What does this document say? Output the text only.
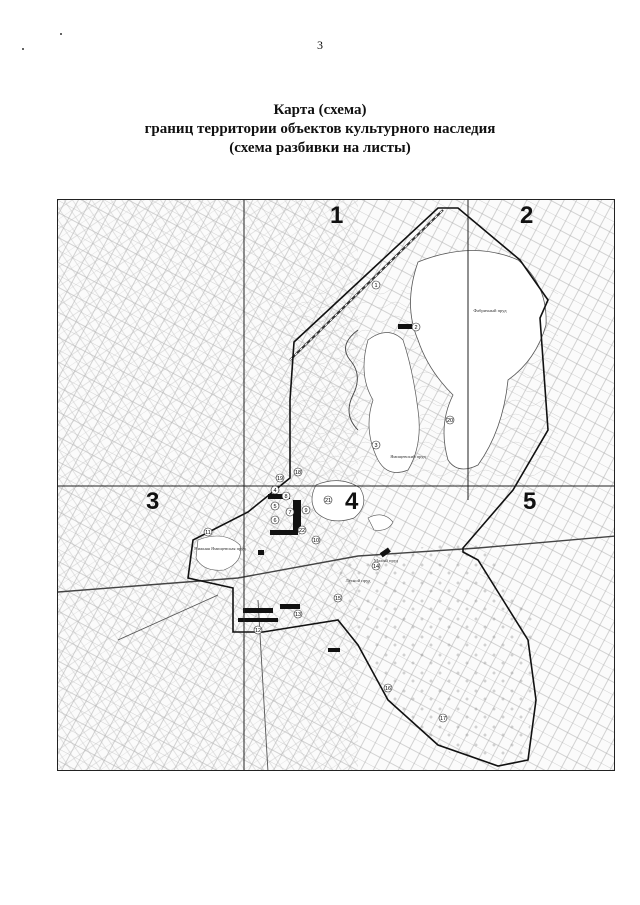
3
Карта (схема)
границ территории объектов культурного наследия
(схема разбивки на листы)
1
2
3
4
5
6
7
8
9
10
11
12
13
14
15
16
17
18
19
20
21
22
Фабричный пруд
Ямищевский пруд
Нижняя Ямищевская пруд
Малый пруд
Лесной пруд
1	2
3	4	5
